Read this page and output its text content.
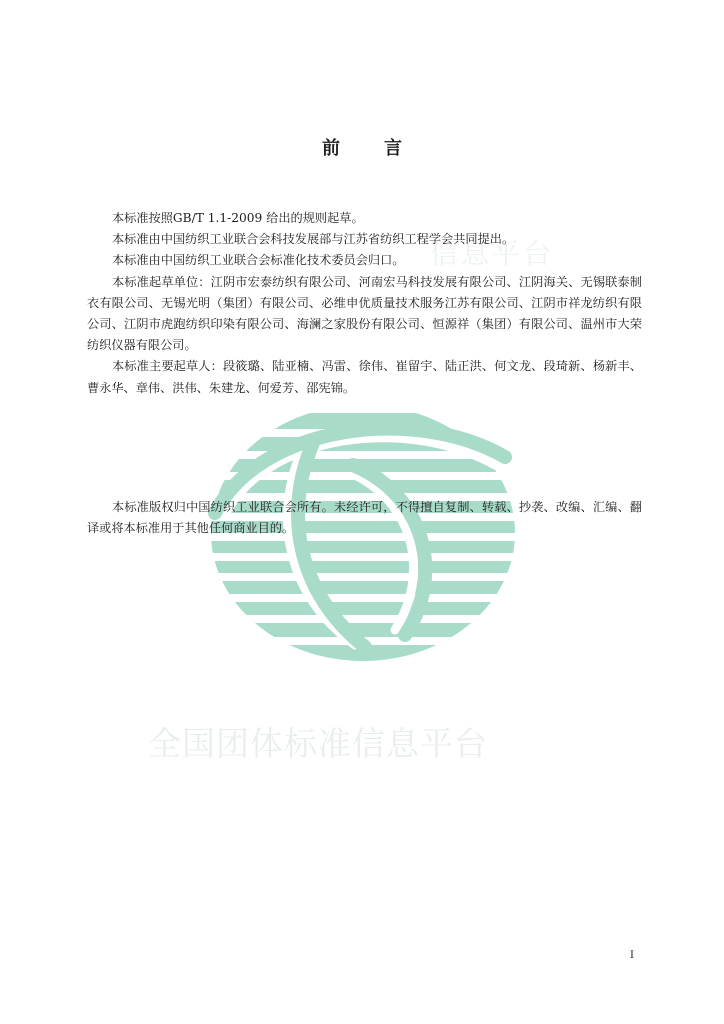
信息平台
全国团体标准信息平台
前 言

本标准按照GB/T 1.1-2009 给出的规则起草。

本标准由中国纺织工业联合会科技发展部与江苏省纺织工程学会共同提出。

本标准由中国纺织工业联合会标准化技术委员会归口。

本标准起草单位：江阴市宏泰纺织有限公司、河南宏马科技发展有限公司、江阴海关、无锡联泰制衣有限公司、无锡光明（集团）有限公司、必维申优质量技术服务江苏有限公司、江阴市祥龙纺织有限公司、江阴市虎跑纺织印染有限公司、海澜之家股份有限公司、恒源祥（集团）有限公司、温州市大荣纺织仪器有限公司。

本标准主要起草人：段筱璐、陆亚楠、冯雷、徐伟、崔留宇、陆正洪、何文龙、段琦新、杨新丰、曹永华、章伟、洪伟、朱建龙、何爱芳、邵宪锦。

本标准版权归中国纺织工业联合会所有。未经许可，不得擅自复制、转载、抄袭、改编、汇编、翻译或将本标准用于其他任何商业目的。

I
